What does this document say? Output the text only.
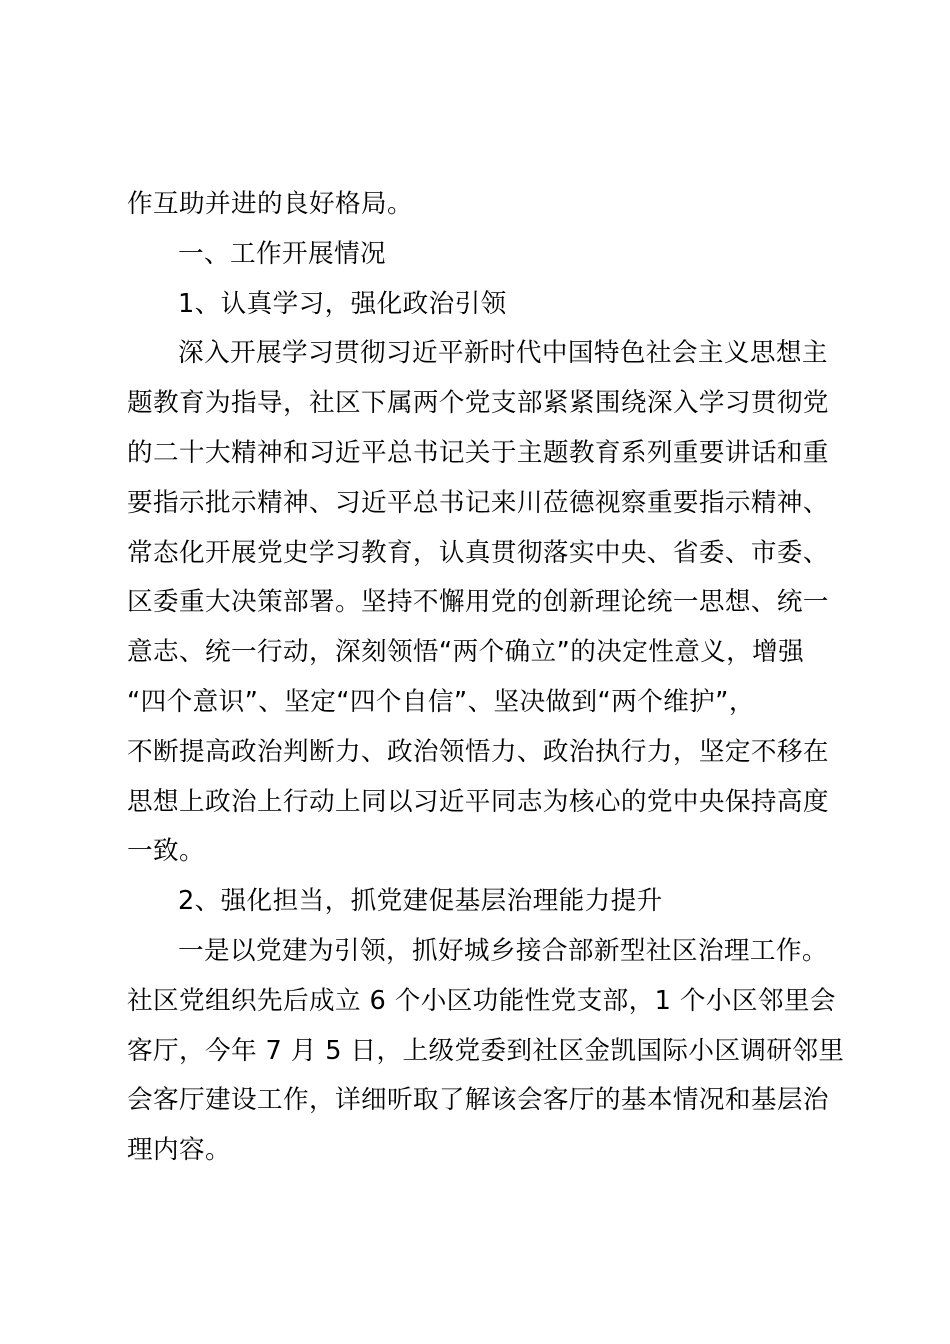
作互助并进的良好格局。
一、工作开展情况
1、认真学习，强化政治引领
深入开展学习贯彻习近平新时代中国特色社会主义思想主
题教育为指导，社区下属两个党支部紧紧围绕深入学习贯彻党
的二十大精神和习近平总书记关于主题教育系列重要讲话和重
要指示批示精神、习近平总书记来川莅德视察重要指示精神、
常态化开展党史学习教育，认真贯彻落实中央、省委、市委、
区委重大决策部署。坚持不懈用党的创新理论统一思想、统一
意志、统一行动，深刻领悟“两个确立”的决定性意义，增强
“四个意识”、坚定“四个自信”、坚决做到“两个维护”，
不断提高政治判断力、政治领悟力、政治执行力，坚定不移在
思想上政治上行动上同以习近平同志为核心的党中央保持高度
一致。
2、强化担当，抓党建促基层治理能力提升
一是以党建为引领，抓好城乡接合部新型社区治理工作。
社区党组织先后成立 6 个小区功能性党支部，1 个小区邻里会
客厅，今年 7 月 5 日，上级党委到社区金凯国际小区调研邻里
会客厅建设工作，详细听取了解该会客厅的基本情况和基层治
理内容。
